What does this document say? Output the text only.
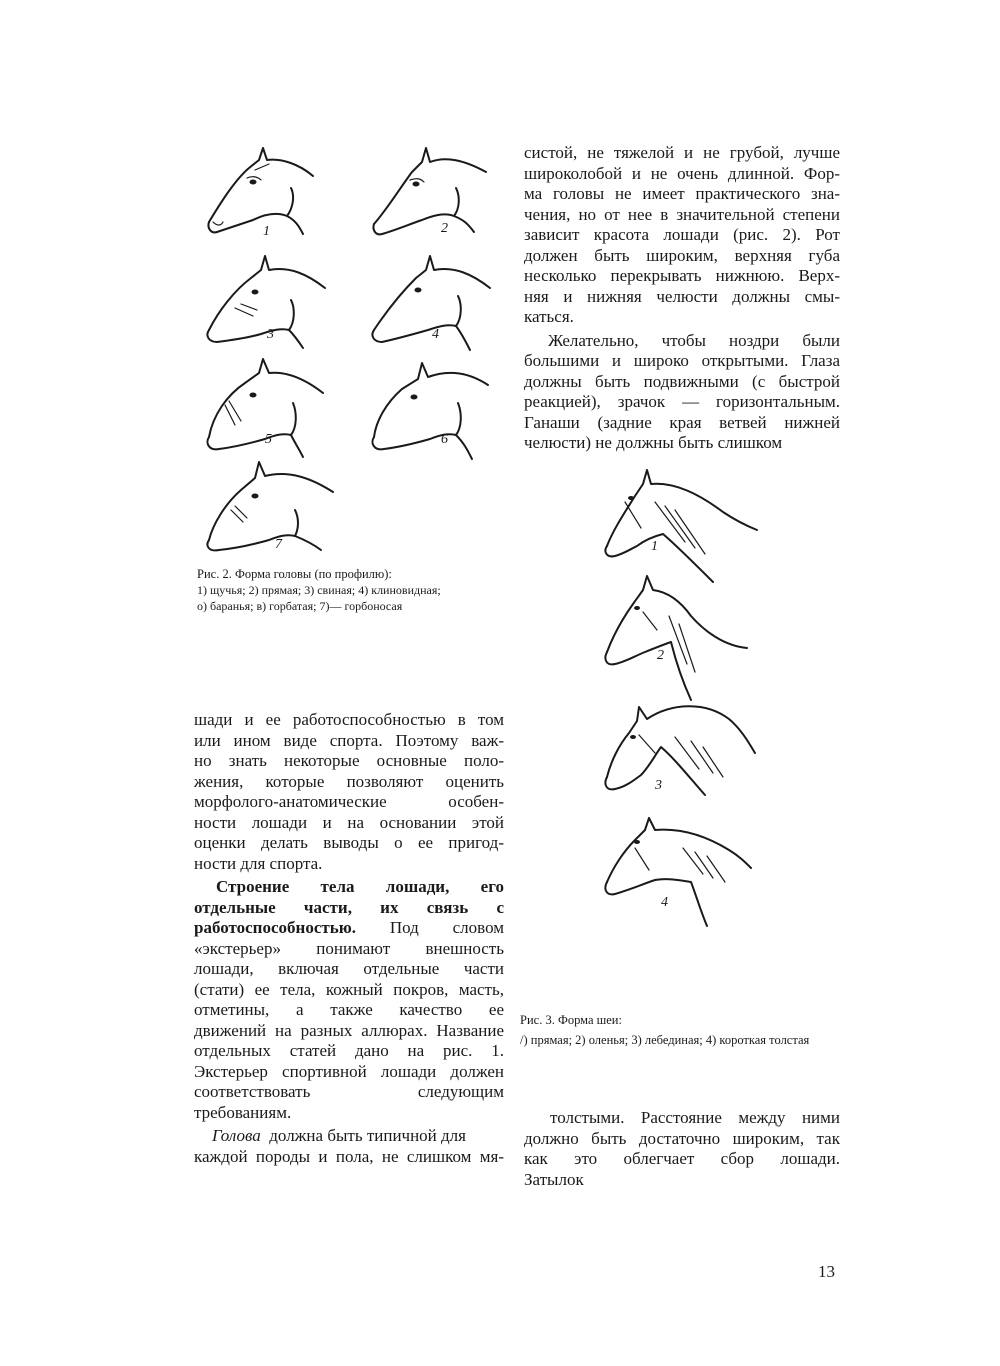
1	2
3	4
5	6
7
Рис. 2. Форма головы (по профилю):
1) щучья; 2) прямая; 3) свиная; 4) клиновидная; о) баранья; в) горбатая; 7)— горбоносая
систой, не тяжелой и не грубой, лучше
широколобой и не очень длинной. Фор-
ма головы не имеет практического зна-
чения, но от нее в значительной степени
зависит красота лошади (рис. 2). Рот
должен быть широким, верхняя губа
несколько перекрывать нижнюю. Верх-
няя и нижняя челюсти должны смы-
каться.
Желательно, чтобы ноздри были
большими и широко открытыми. Глаза
должны быть подвижными (с быстрой
реакцией), зрачок — горизонтальным.
Ганаши (задние края ветвей нижней
челюсти) не должны быть слишком
1
2
3
4
Рис. 3. Форма шеи:
/) прямая; 2) оленья; 3) лебединая; 4) короткая толстая
шади и ее работоспособностью в том
или ином виде спорта. Поэтому важ-
но знать некоторые основные поло-
жения, которые позволяют оценить
морфолого-анатомические особен-
ности лошади и на основании этой
оценки делать выводы о ее пригод-
ности для спорта.
Строение тела лошади, его
отдельные части, их связь с
работоспособностью. Под словом
«экстерьер» понимают внешность
лошади, включая отдельные части
(стати) ее тела, кожный покров, масть,
отметины, а также качество ее
движений на разных аллюрах. Название
отдельных статей дано на рис. 1.
Экстерьер спортивной лошади должен
соответствовать следующим
требованиям.
Голова должна быть типичной для
каждой породы и пола, не слишком мя-
толстыми. Расстояние между ними
должно быть достаточно широким, так
как это облегчает сбор лошади.
Затылок
13
